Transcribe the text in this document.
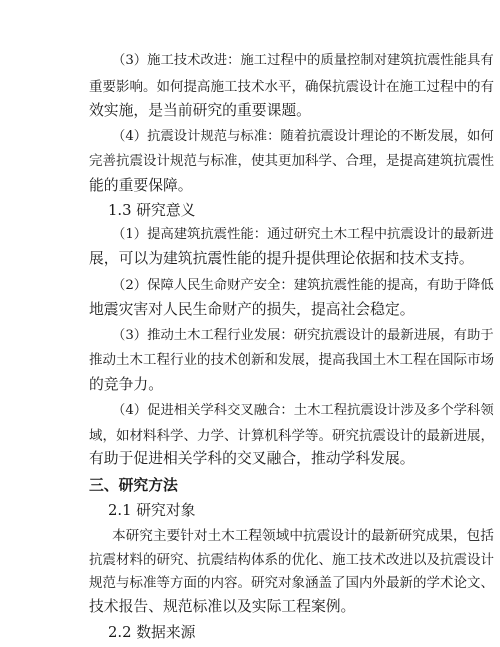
（3）施工技术改进：施工过程中的质量控制对建筑抗震性能具有

重要影响。如何提高施工技术水平，确保抗震设计在施工过程中的有

效实施，是当前研究的重要课题。

（4）抗震设计规范与标准：随着抗震设计理论的不断发展，如何

完善抗震设计规范与标准，使其更加科学、合理，是提高建筑抗震性

能的重要保障。

1.3 研究意义

（1）提高建筑抗震性能：通过研究土木工程中抗震设计的最新进

展，可以为建筑抗震性能的提升提供理论依据和技术支持。

（2）保障人民生命财产安全：建筑抗震性能的提高，有助于降低

地震灾害对人民生命财产的损失，提高社会稳定。

（3）推动土木工程行业发展：研究抗震设计的最新进展，有助于

推动土木工程行业的技术创新和发展，提高我国土木工程在国际市场

的竞争力。

（4）促进相关学科交叉融合：土木工程抗震设计涉及多个学科领

域，如材料科学、力学、计算机科学等。研究抗震设计的最新进展，

有助于促进相关学科的交叉融合，推动学科发展。

三、研究方法

2.1 研究对象

本研究主要针对土木工程领域中抗震设计的最新研究成果，包括

抗震材料的研究、抗震结构体系的优化、施工技术改进以及抗震设计

规范与标准等方面的内容。研究对象涵盖了国内外最新的学术论文、

技术报告、规范标准以及实际工程案例。

2.2 数据来源
